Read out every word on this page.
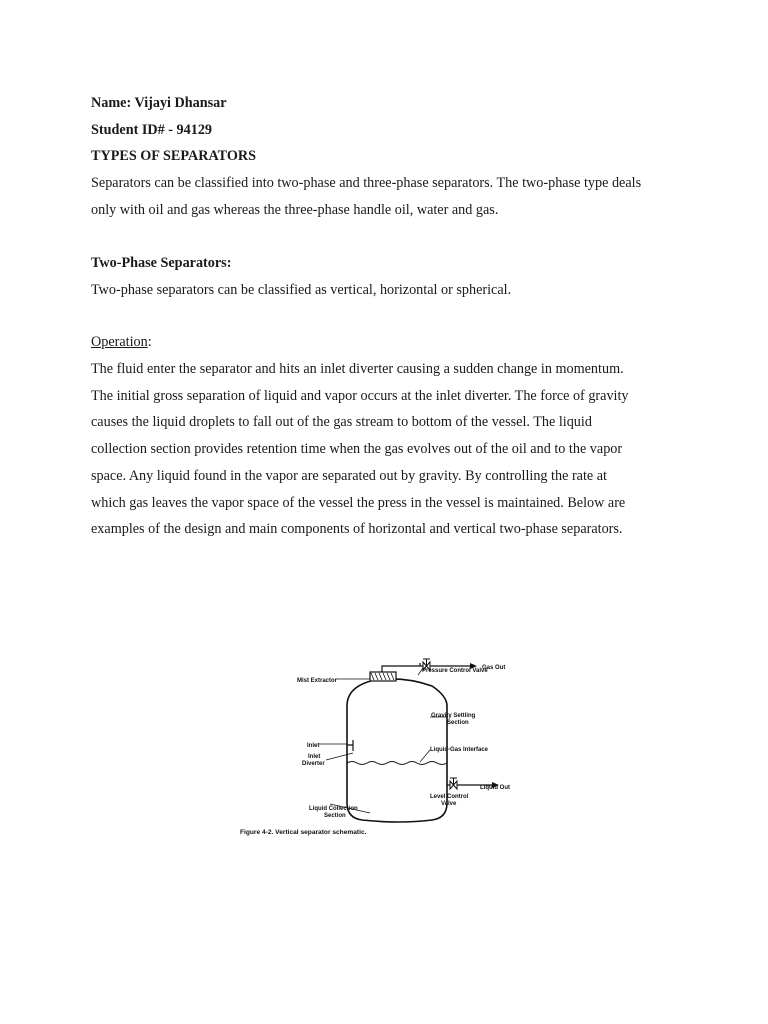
Name: Vijayi Dhansar
Student ID# - 94129
TYPES OF SEPARATORS
Separators can be classified into two-phase and three-phase separators. The two-phase type deals
only with oil and gas whereas the three-phase handle oil, water and gas.
Two-Phase Separators:
Two-phase separators can be classified as vertical, horizontal or spherical.
Operation:
The fluid enter the separator and hits an inlet diverter causing a sudden change in momentum.
The initial gross separation of liquid and vapor occurs at the inlet diverter. The force of gravity
causes the liquid droplets to fall out of the gas stream to bottom of the vessel. The liquid
collection section provides retention time when the gas evolves out of the oil and to the vapor
space. Any liquid found in the vapor are separated out by gravity. By controlling the rate at
which gas leaves the vapor space of the vessel the press in the vessel is maintained. Below are
examples of the design and main components of horizontal and vertical two-phase separators.
Mist Extractor
Pressure Control Valve
Gas Out
Gravity Settling
Section
Inlet
Inlet
Diverter
Liquid-Gas Interface
Liquid Out
Level Control
Valve
Liquid Collection
Section
Figure 4-2. Vertical separator schematic.
